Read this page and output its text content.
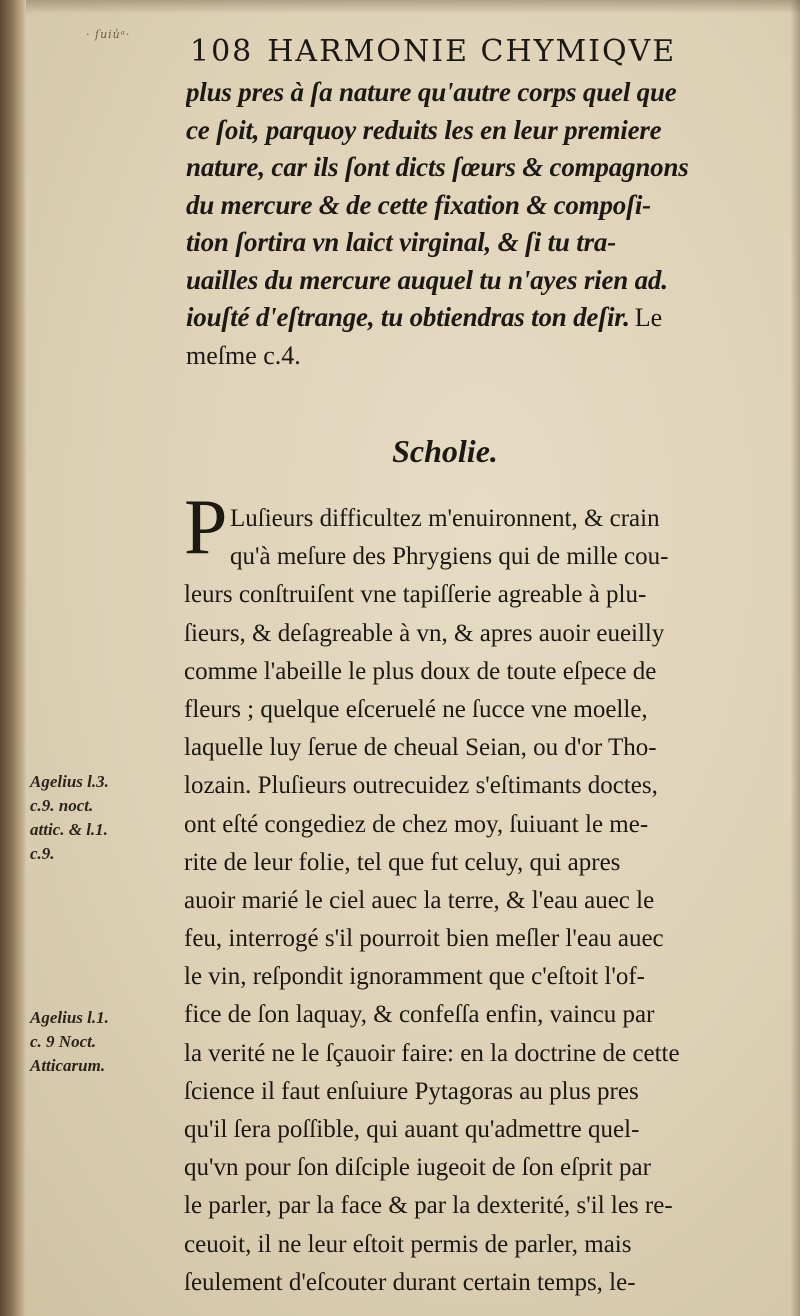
· ſuiu̾ᵃ· 108 HARMONIE CHYMIQVE
plus pres à ſa nature qu'autre corps quel que
ce ſoit, parquoy reduits les en leur premiere
nature, car ils ſont dicts ſœurs & compagnons
du mercure & de cette fixation & compoſi-
tion ſortira vn laict virginal, & ſi tu tra-
uailles du mercure auquel tu n'ayes rien ad.
iouſté d'eſtrange, tu obtiendras ton deſir. Le
meſme c.4.
Scholie.
P Luſieurs difficultez m'enuironnent, & crain
qu'à meſure des Phrygiens qui de mille cou-
leurs conſtruiſent vne tapiſſerie agreable à plu-
ſieurs, & deſagreable à vn, & apres auoir eueilly
comme l'abeille le plus doux de toute eſpece de
fleurs ; quelque eſceruelé ne ſucce vne moelle,
laquelle luy ſerue de cheual Seian, ou d'or Tho-
lozain. Pluſieurs outrecuidez s'eſtimants doctes,
ont eſté congediez de chez moy, ſuiuant le me-
rite de leur folie, tel que fut celuy, qui apres
auoir marié le ciel auec la terre, & l'eau auec le
feu, interrogé s'il pourroit bien meſler l'eau auec
le vin, reſpondit ignoramment que c'eſtoit l'of-
fice de ſon laquay, & confeſſa enfin, vaincu par
la verité ne le ſçauoir faire: en la doctrine de cette
ſcience il faut enſuiure Pytagoras au plus pres
qu'il ſera poſſible, qui auant qu'admettre quel-
qu'vn pour ſon diſciple iugeoit de ſon eſprit par
le parler, par la face & par la dexterité, s'il les re-
ceuoit, il ne leur eſtoit permis de parler, mais
ſeulement d'eſcouter durant certain temps, le-
Agelius l.3.
c.9. noct.
attic. & l.1.
c.9.
Agelius l.1.
c. 9 Noct.
Atticarum.
